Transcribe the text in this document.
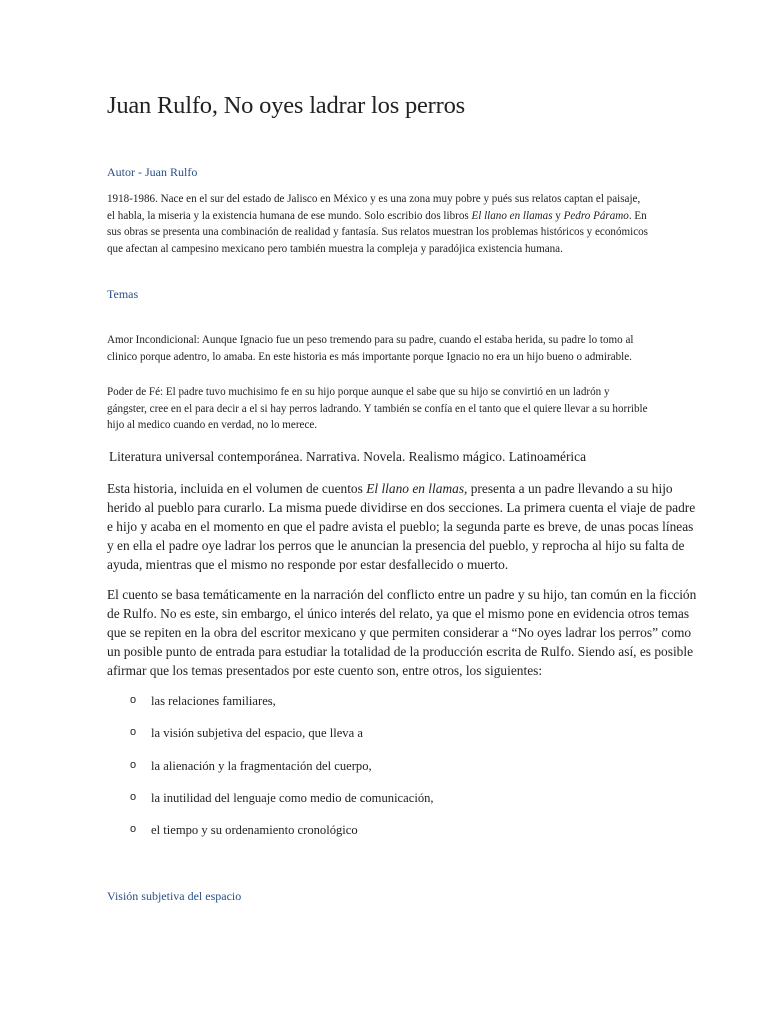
Juan Rulfo, No oyes ladrar los perros

Autor - Juan Rulfo

1918-1986. Nace en el sur del estado de Jalisco en México y es una zona muy pobre y pués sus relatos captan el paisaje,
el habla, la miseria y la existencia humana de ese mundo. Solo escribio dos libros El llano en llamas y Pedro Páramo. En
sus obras se presenta una combinación de realidad y fantasía. Sus relatos muestran los problemas históricos y económicos
que afectan al campesino mexicano pero también muestra la compleja y paradójica existencia humana.

Temas

Amor Incondicional: Aunque Ignacio fue un peso tremendo para su padre, cuando el estaba herida, su padre lo tomo al
clinico porque adentro, lo amaba. En este historia es más importante porque Ignacio no era un hijo bueno o admirable.

Poder de Fé: El padre tuvo muchisimo fe en su hijo porque aunque el sabe que su hijo se convirtió en un ladrón y
gángster, cree en el para decir a el si hay perros ladrando. Y también se confía en el tanto que el quiere llevar a su horrible
hijo al medico cuando en verdad, no lo merece.

Literatura universal contemporánea. Narrativa. Novela. Realismo mágico. Latinoamérica

Esta historia, incluida en el volumen de cuentos El llano en llamas, presenta a un padre llevando a su hijo
herido al pueblo para curarlo. La misma puede dividirse en dos secciones. La primera cuenta el viaje de padre
e hijo y acaba en el momento en que el padre avista el pueblo; la segunda parte es breve, de unas pocas líneas
y en ella el padre oye ladrar los perros que le anuncian la presencia del pueblo, y reprocha al hijo su falta de
ayuda, mientras que el mismo no responde por estar desfallecido o muerto.

El cuento se basa temáticamente en la narración del conflicto entre un padre y su hijo, tan común en la ficción
de Rulfo. No es este, sin embargo, el único interés del relato, ya que el mismo pone en evidencia otros temas
que se repiten en la obra del escritor mexicano y que permiten considerar a “No oyes ladrar los perros” como
un posible punto de entrada para estudiar la totalidad de la producción escrita de Rulfo. Siendo así, es posible
afirmar que los temas presentados por este cuento son, entre otros, los siguientes:

o las relaciones familiares,
o la visión subjetiva del espacio, que lleva a
o la alienación y la fragmentación del cuerpo,
o la inutilidad del lenguaje como medio de comunicación,
o el tiempo y su ordenamiento cronológico

Visión subjetiva del espacio
